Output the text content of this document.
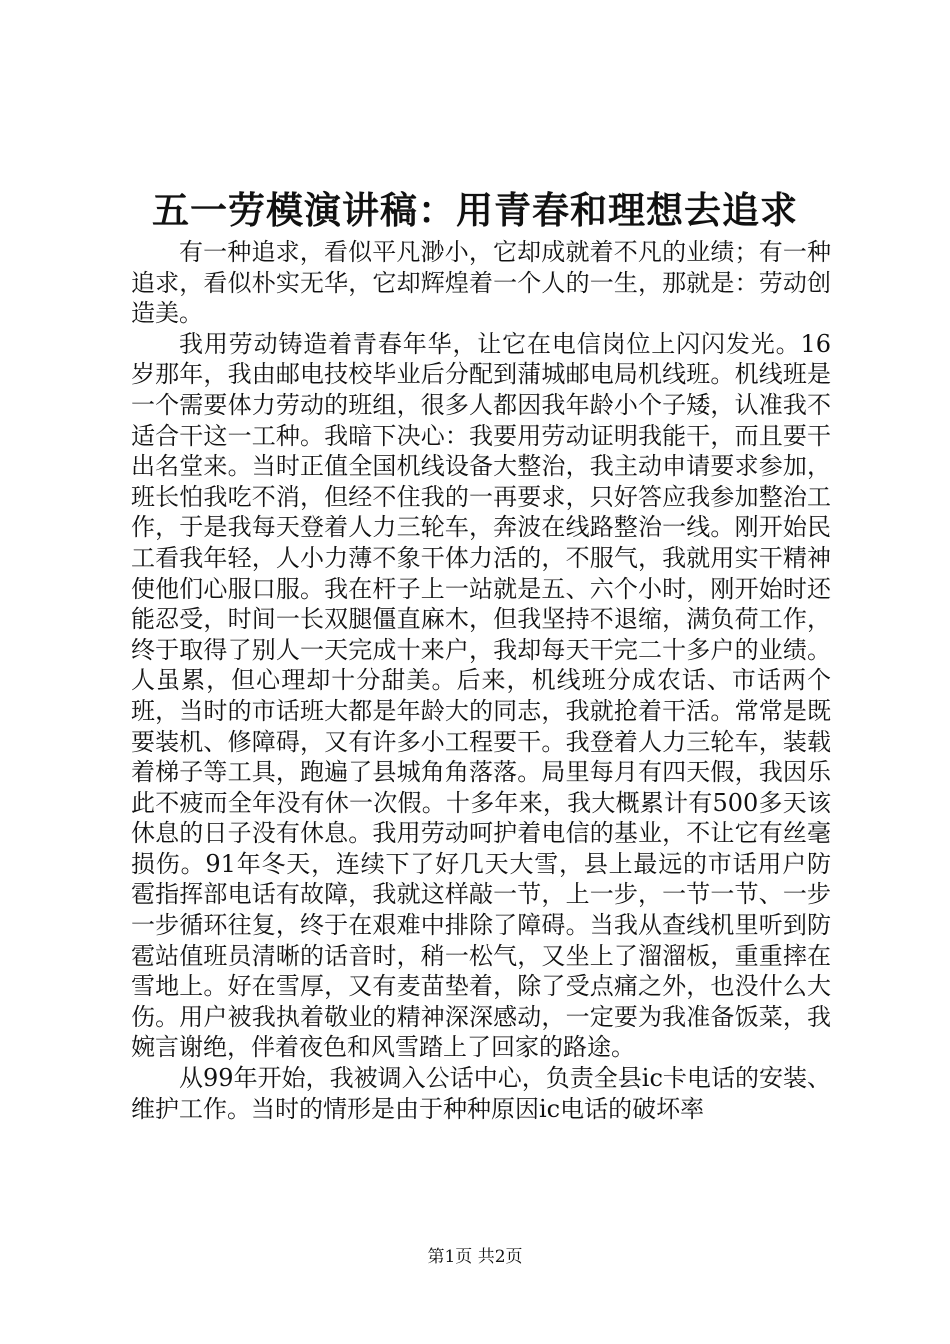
五一劳模演讲稿：用青春和理想去追求

有一种追求，看似平凡渺小，它却成就着不凡的业绩；有一种追求，看似朴实无华，它却辉煌着一个人的一生，那就是：劳动创造美。

我用劳动铸造着青春年华，让它在电信岗位上闪闪发光。16岁那年，我由邮电技校毕业后分配到蒲城邮电局机线班。机线班是一个需要体力劳动的班组，很多人都因我年龄小个子矮，认准我不适合干这一工种。我暗下决心：我要用劳动证明我能干，而且要干出名堂来。当时正值全国机线设备大整治，我主动申请要求参加，班长怕我吃不消，但经不住我的一再要求，只好答应我参加整治工作，于是我每天登着人力三轮车，奔波在线路整治一线。刚开始民工看我年轻，人小力薄不象干体力活的，不服气，我就用实干精神使他们心服口服。我在杆子上一站就是五、六个小时，刚开始时还能忍受，时间一长双腿僵直麻木，但我坚持不退缩，满负荷工作，终于取得了别人一天完成十来户，我却每天干完二十多户的业绩。人虽累，但心理却十分甜美。后来，机线班分成农话、市话两个班，当时的市话班大都是年龄大的同志，我就抢着干活。常常是既要装机、修障碍，又有许多小工程要干。我登着人力三轮车，装载着梯子等工具，跑遍了县城角角落落。局里每月有四天假，我因乐此不疲而全年没有休一次假。十多年来，我大概累计有500多天该休息的日子没有休息。我用劳动呵护着电信的基业，不让它有丝毫损伤。91年冬天，连续下了好几天大雪，县上最远的市话用户防雹指挥部电话有故障，我就这样敲一节，上一步，一节一节、一步一步循环往复，终于在艰难中排除了障碍。当我从查线机里听到防雹站值班员清晰的话音时，稍一松气，又坐上了溜溜板，重重摔在雪地上。好在雪厚，又有麦苗垫着，除了受点痛之外，也没什么大伤。用户被我执着敬业的精神深深感动，一定要为我准备饭菜，我婉言谢绝，伴着夜色和风雪踏上了回家的路途。

从99年开始，我被调入公话中心，负责全县ic卡电话的安装、维护工作。当时的情形是由于种种原因ic电话的破坏率

第1页 共2页
